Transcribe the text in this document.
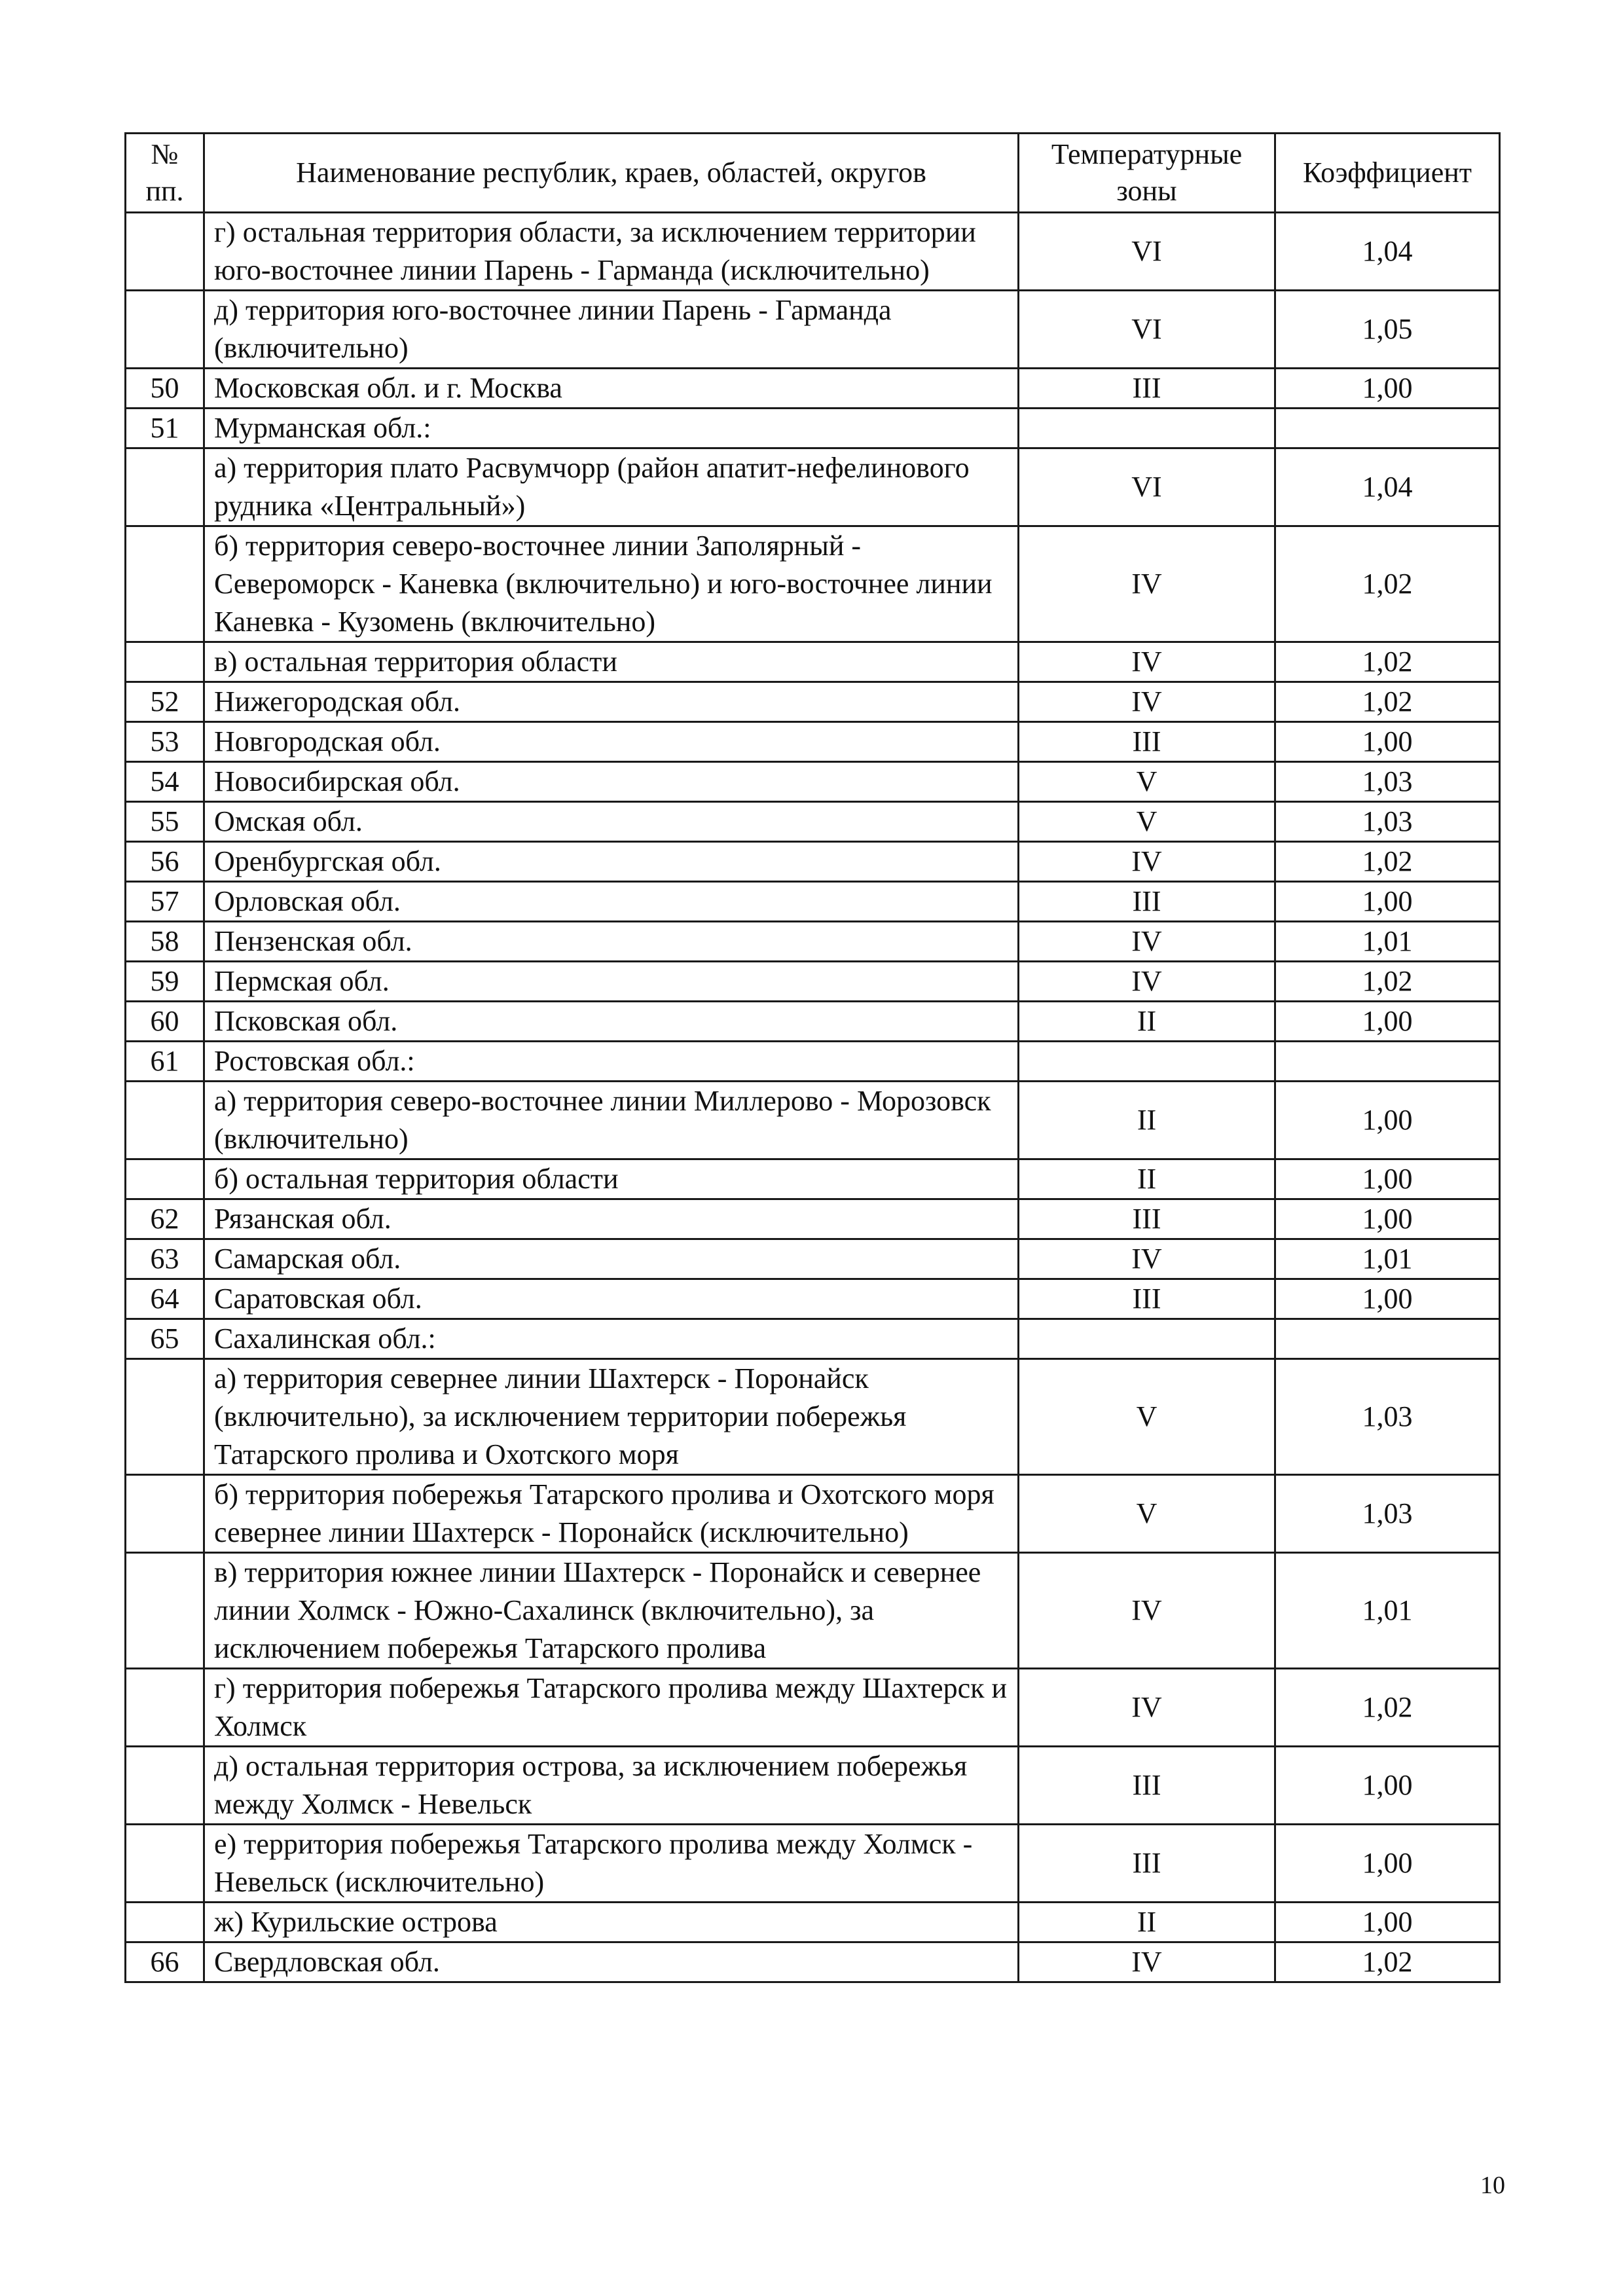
№ пп.	Наименование республик, краев, областей, округов	Температурные зоны	Коэффициент
	г) остальная территория области, за исключением территории юго-восточнее линии Парень - Гарманда (исключительно)	VI	1,04
	д) территория юго-восточнее линии Парень - Гарманда (включительно)	VI	1,05
50	Московская обл. и г. Москва	III	1,00
51	Мурманская обл.:		
	а) территория плато Расвумчорр (район апатит-нефелинового рудника «Центральный»)	VI	1,04
	б) территория северо-восточнее линии Заполярный - Североморск - Каневка (включительно) и юго-восточнее линии Каневка - Кузомень (включительно)	IV	1,02
	в) остальная территория области	IV	1,02
52	Нижегородская обл.	IV	1,02
53	Новгородская обл.	III	1,00
54	Новосибирская обл.	V	1,03
55	Омская обл.	V	1,03
56	Оренбургская обл.	IV	1,02
57	Орловская обл.	III	1,00
58	Пензенская обл.	IV	1,01
59	Пермская обл.	IV	1,02
60	Псковская обл.	II	1,00
61	Ростовская обл.:		
	а) территория северо-восточнее линии Миллерово - Морозовск (включительно)	II	1,00
	б) остальная территория области	II	1,00
62	Рязанская обл.	III	1,00
63	Самарская обл.	IV	1,01
64	Саратовская обл.	III	1,00
65	Сахалинская обл.:		
	а) территория севернее линии Шахтерск - Поронайск (включительно), за исключением территории побережья Татарского пролива и Охотского моря	V	1,03
	б) территория побережья Татарского пролива и Охотского моря севернее линии Шахтерск - Поронайск (исключительно)	V	1,03
	в) территория южнее линии Шахтерск - Поронайск и севернее линии Холмск - Южно-Сахалинск (включительно), за исключением побережья Татарского пролива	IV	1,01
	г) территория побережья Татарского пролива между Шахтерск и Холмск	IV	1,02
	д) остальная территория острова, за исключением побережья между Холмск - Невельск	III	1,00
	е) территория побережья Татарского пролива между Холмск - Невельск (исключительно)	III	1,00
	ж) Курильские острова	II	1,00
66	Свердловская обл.	IV	1,02
10
